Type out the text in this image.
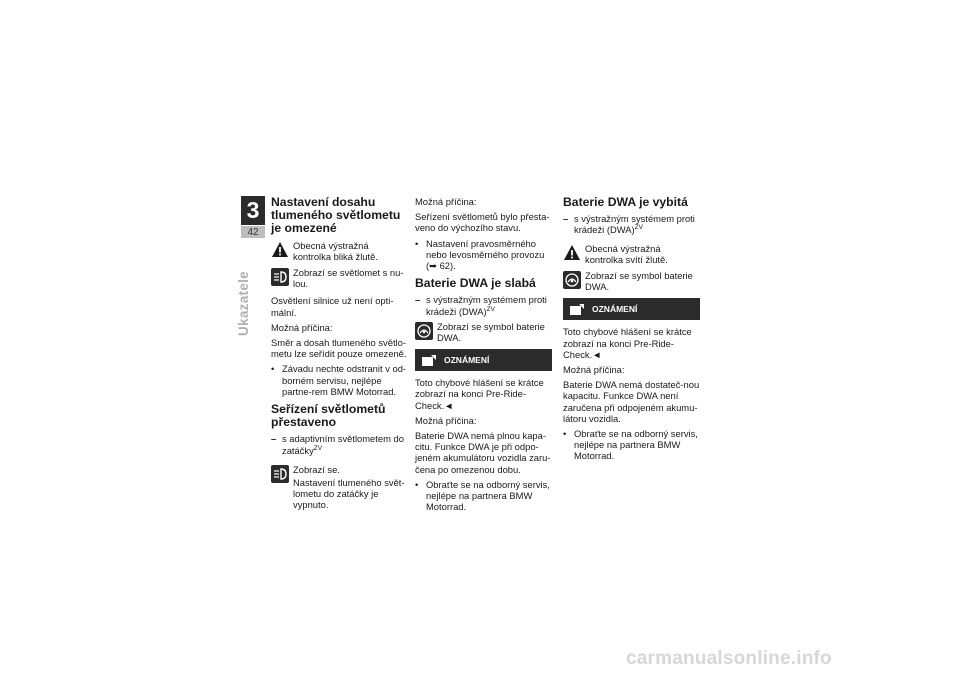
3
42
Ukazatele
Nastavení dosahu tlumeného světlometu je omezené
Obecná výstražná kontrolka bliká žlutě.
Zobrazí se světlomet s nu-lou.

Osvětlení silnice už není opti-mální.

Možná příčina:

Směr a dosah tlumeného světlo-metu lze seřídit pouze omezeně.

• Závadu nechte odstranit v od-borném servisu, nejlépe partne-rem BMW Motorrad.
Seřízení světlometů přestaveno
– s adaptivním světlometem do zatáčky$^{ZV}$
Zobrazí se.

Nastavení tlumeného svět-lometu do zatáčky je vypnuto.

Možná příčina:

Seřízení světlometů bylo přesta-veno do výchozího stavu.

• Nastavení pravosměrného nebo levosměrného provozu (➥ 62).
Baterie DWA je slabá
– s výstražným systémem proti krádeži (DWA)$^{ZV}$
Zobrazí se symbol baterie DWA.
OZNÁMENÍ

Toto chybové hlášení se krátce zobrazí na konci Pre-Ride-Check.◄

Možná příčina:

Baterie DWA nemá plnou kapa-citu. Funkce DWA je při odpo-jeném akumulátoru vozidla zaru-čena po omezenou dobu.

• Obraťte se na odborný servis, nejlépe na partnera BMW Motorrad.
Baterie DWA je vybitá
– s výstražným systémem proti krádeži (DWA)$^{ZV}$
Obecná výstražná kontrolka svítí žlutě.
Zobrazí se symbol baterie DWA.
OZNÁMENÍ

Toto chybové hlášení se krátce zobrazí na konci Pre-Ride-Check.◄

Možná příčina:

Baterie DWA nemá dostateč-nou kapacitu. Funkce DWA není zaručena při odpojeném akumu-látoru vozidla.

• Obraťte se na odborný servis, nejlépe na partnera BMW Motorrad.
carmanualsonline.info
